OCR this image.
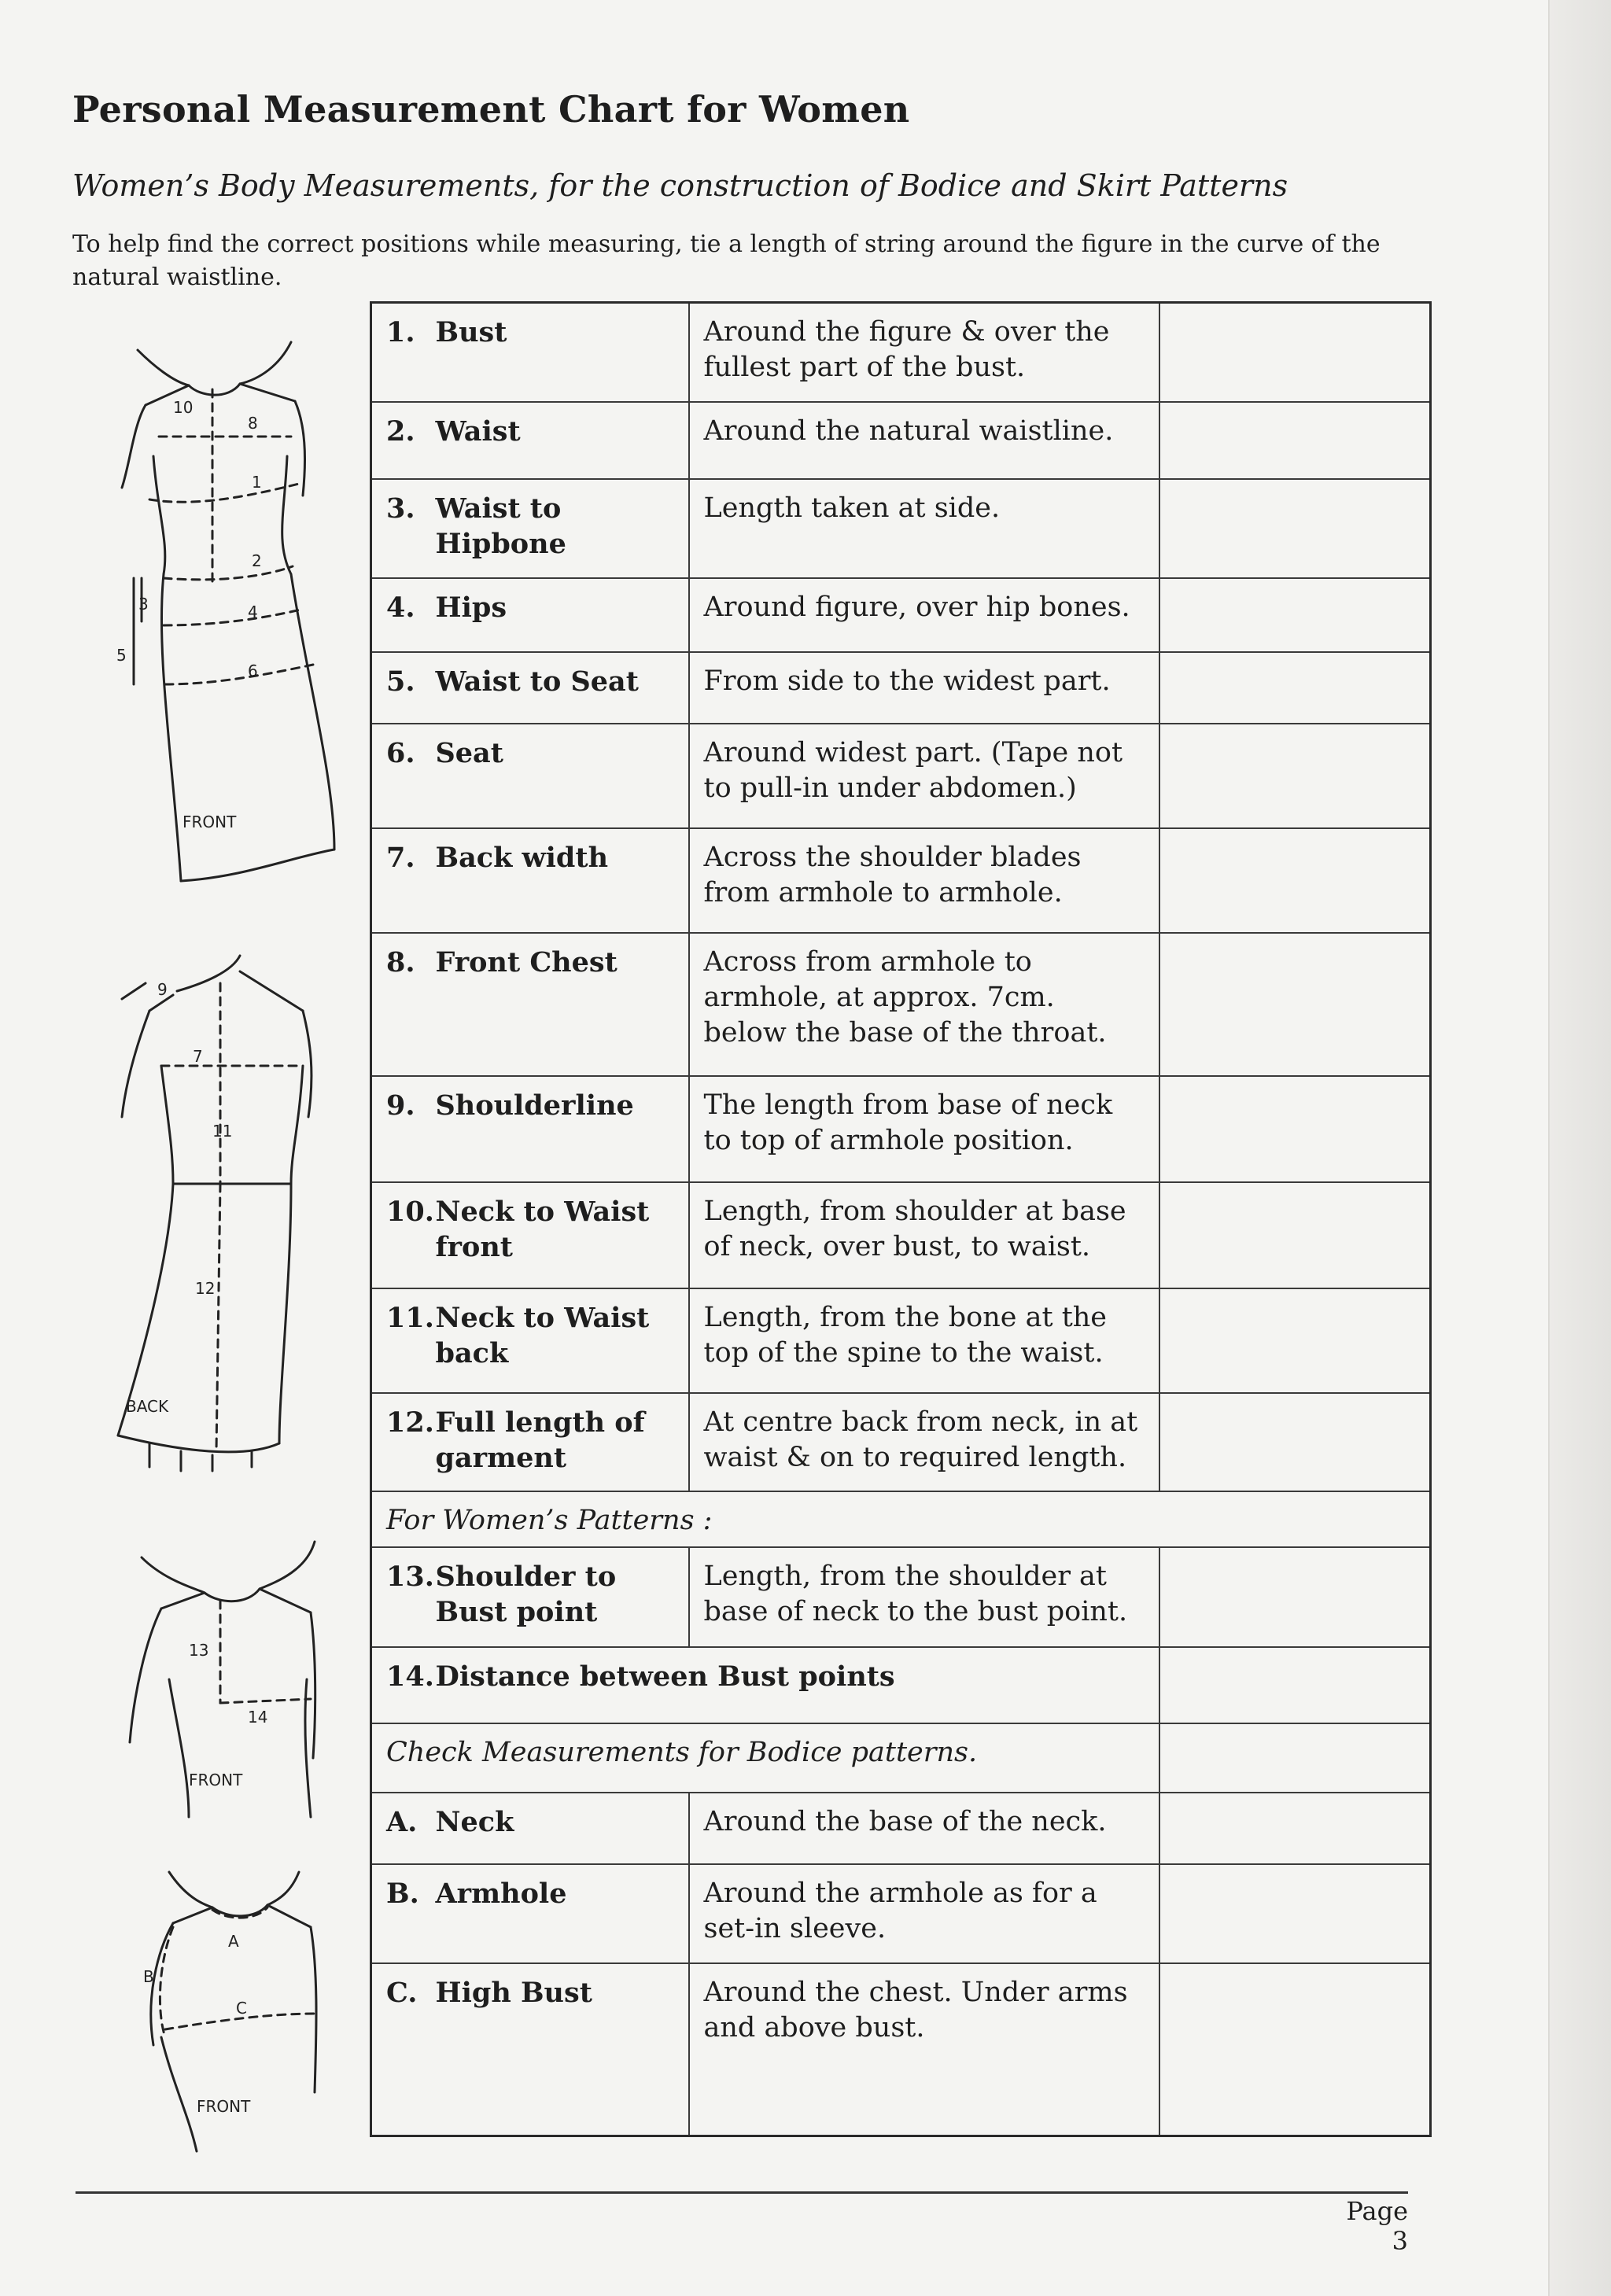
Personal Measurement Chart for Women

Women’s Body Measurements, for the construction of Bodice and Skirt Patterns

To help find the correct positions while measuring, tie a length of string around the figure in the curve of the natural waistline.

10
8
1
2
3	4
5
6
FRONT
9
7
11
12
BACK
13
14
FRONT
A
B
C
FRONT
1.	Bust	Around the figure & over the fullest part of the bust.	
2.	Waist	Around the natural waistline.	
3.	Waist to Hipbone	Length taken at side.	
4.	Hips	Around figure, over hip bones.	
5.	Waist to Seat	From side to the widest part.	
6.	Seat	Around widest part. (Tape not to pull-in under abdomen.)	
7.	Back width	Across the shoulder blades from armhole to armhole.	
8.	Front Chest	Across from armhole to armhole, at approx. 7cm. below the base of the throat.	
9.	Shoulderline	The length from base of neck to top of armhole position.	
10.	Neck to Waist front	Length, from shoulder at base of neck, over bust, to waist.	
11.	Neck to Waist back	Length, from the bone at the top of the spine to the waist.	
12.	Full length of garment	At centre back from neck, in at waist & on to required length.	
For Women’s Patterns :			
13.	Shoulder to Bust point	Length, from the shoulder at base of neck to the bust point.	
14.	Distance between Bust points		
Check Measurements for Bodice patterns.			
A.	Neck	Around the base of the neck.	
B.	Armhole	Around the armhole as for a set-in sleeve.	
C.	High Bust	Around the chest. Under arms and above bust.	

Page 3
